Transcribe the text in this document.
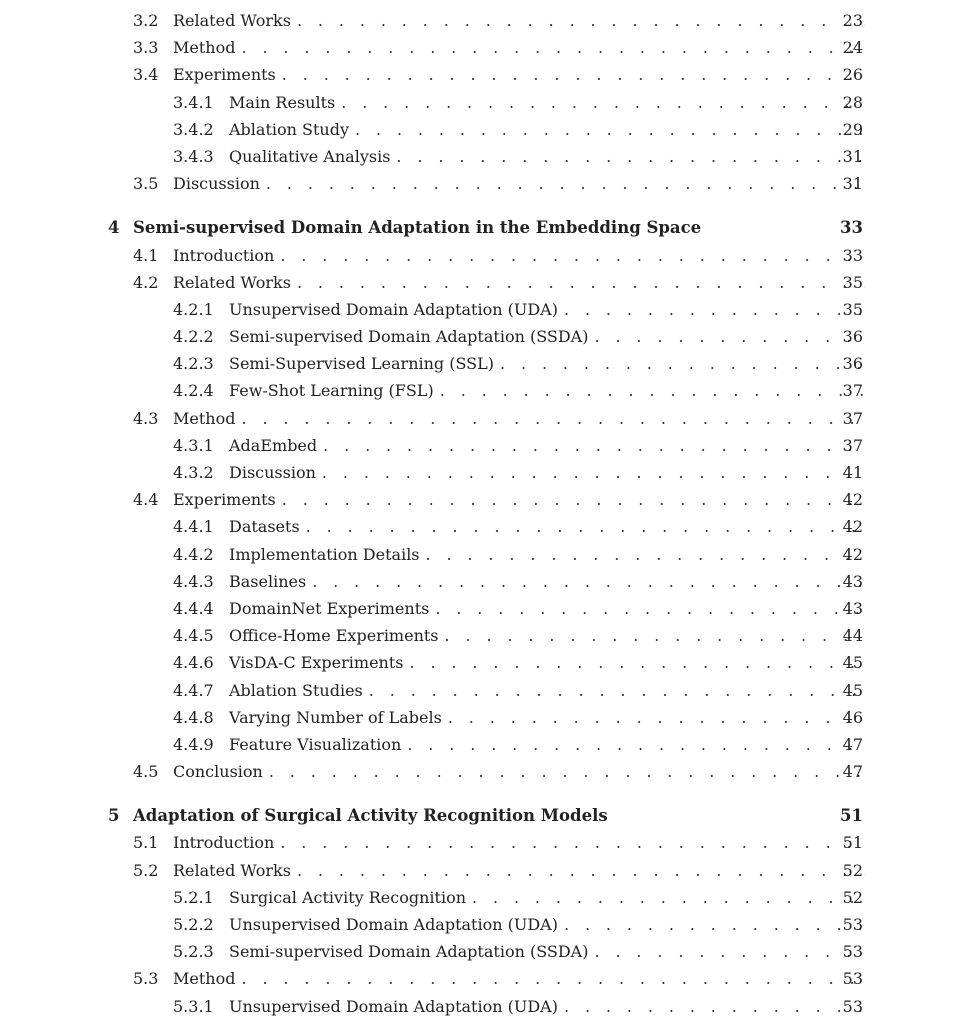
3.2 Related Works . . .	23
3.3 Method . . .	24
3.4 Experiments . . .	26
3.4.1 Main Results . . .	28
3.4.2 Ablation Study . . .	29
3.4.3 Qualitative Analysis . . .	31
3.5 Discussion . . .	31
4 Semi-supervised Domain Adaptation in the Embedding Space	33
4.1 Introduction . . .	33
4.2 Related Works . . .	35
4.2.1 Unsupervised Domain Adaptation (UDA) . . .	35
4.2.2 Semi-supervised Domain Adaptation (SSDA) . . .	36
4.2.3 Semi-Supervised Learning (SSL) . . .	36
4.2.4 Few-Shot Learning (FSL) . . .	37
4.3 Method . . .	37
4.3.1 AdaEmbed . . .	37
4.3.2 Discussion . . .	41
4.4 Experiments . . .	42
4.4.1 Datasets . . .	42
4.4.2 Implementation Details . . .	42
4.4.3 Baselines . . .	43
4.4.4 DomainNet Experiments . . .	43
4.4.5 Office-Home Experiments . . .	44
4.4.6 VisDA-C Experiments . . .	45
4.4.7 Ablation Studies . . .	45
4.4.8 Varying Number of Labels . . .	46
4.4.9 Feature Visualization . . .	47
4.5 Conclusion . . .	47
5 Adaptation of Surgical Activity Recognition Models	51
5.1 Introduction . . .	51
5.2 Related Works . . .	52
5.2.1 Surgical Activity Recognition . . .	52
5.2.2 Unsupervised Domain Adaptation (UDA) . . .	53
5.2.3 Semi-supervised Domain Adaptation (SSDA) . . .	53
5.3 Method . . .	53
5.3.1 Unsupervised Domain Adaptation (UDA) . . .	53
